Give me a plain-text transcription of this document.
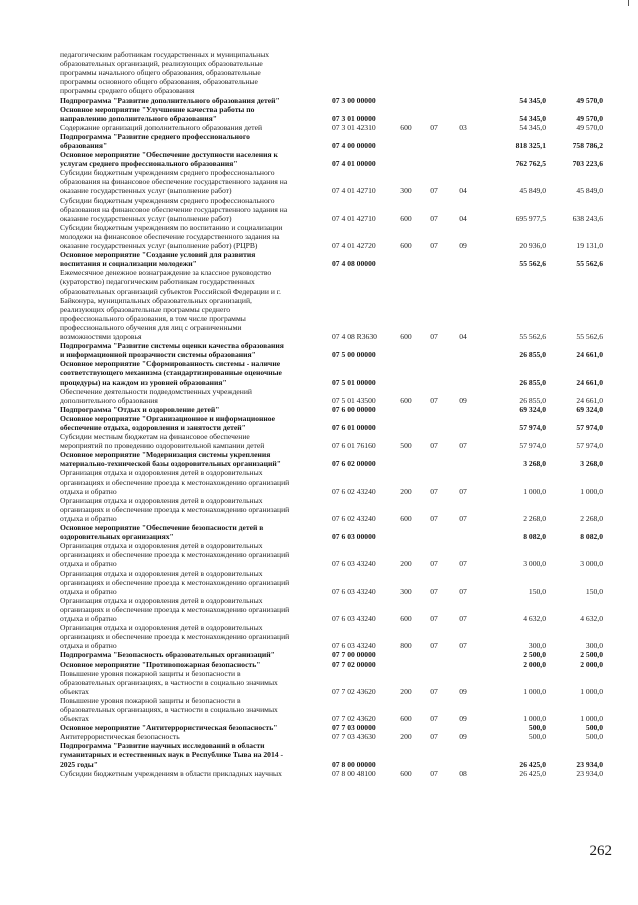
педагогическим работникам государственных и муниципальных
образовательных организаций, реализующих образовательные
программы начального общего образования, образовательные
программы основного общего образования, образовательные
программы среднего общего образования
Подпрограмма "Развитие дополнительного образования детей"	07 3 00 00000	54 345,0	49 570,0
Основное мероприятие "Улучшение качества работы по
направлению дополнительного образования"	07 3 01 00000	54 345,0	49 570,0
Содержание организаций дополнительного образования детей	07 3 01 42310	600	07	03	54 345,0	49 570,0
Подпрограмма "Развитие среднего профессионального
образования"	07 4 00 00000	818 325,1	758 786,2
Основное мероприятие "Обеспечение доступности населения к
услугам среднего профессионального образования"	07 4 01 00000	762 762,5	703 223,6
Субсидии бюджетным учреждениям среднего профессионального
образования на финансовое обеспечение государственного задания на
оказание государственных услуг (выполнение работ)	07 4 01 42710	300	07	04	45 849,0	45 849,0
Субсидии бюджетным учреждениям среднего профессионального
образования на финансовое обеспечение государственного задания на
оказание государственных услуг (выполнение работ)	07 4 01 42710	600	07	04	695 977,5	638 243,6
Субсидии бюджетным учреждениям по воспитанию и социализации
молодежи на финансовое обеспечение государственного задания на
оказание государственных услуг (выполнение работ) (РЦРВ)	07 4 01 42720	600	07	09	20 936,0	19 131,0
Основное мероприятие "Создание условий для развития
воспитания и социализации молодежи"	07 4 08 00000	55 562,6	55 562,6
Ежемесячное денежное вознаграждение за классное руководство
(кураторство) педагогическим работникам государственных
образовательных организаций субъектов Российской Федерации и г.
Байконура, муниципальных образовательных организаций,
реализующих образовательные программы среднего
профессионального образования, в том числе программы
профессионального обучения для лиц с ограниченными
возможностями здоровья	07 4 08 R3630	600	07	04	55 562,6	55 562,6
Подпрограмма "Развитие системы оценки качества образования
и информационной прозрачности системы образования"	07 5 00 00000	26 855,0	24 661,0
Основное мероприятие "Сформированность системы - наличие
соответствующего механизма (стандартизированные оценочные
процедуры) на каждом из уровней образования"	07 5 01 00000	26 855,0	24 661,0
Обеспечение деятельности подведомственных учреждений
дополнительного образования	07 5 01 43500	600	07	09	26 855,0	24 661,0
Подпрограмма "Отдых и оздоровление детей"	07 6 00 00000	69 324,0	69 324,0
Основное мероприятие "Организационное и информационное
обеспечение отдыха, оздоровления и занятости детей"	07 6 01 00000	57 974,0	57 974,0
Субсидии местным бюджетам на финансовое обеспечение
мероприятий по проведению оздоровительной кампании детей	07 6 01 76160	500	07	07	57 974,0	57 974,0
Основное мероприятие "Модернизация системы укрепления
материально-технической базы оздоровительных организаций"	07 6 02 00000	3 268,0	3 268,0
Организация отдыха и оздоровления детей в оздоровительных
организациях и обеспечение проезда к местонахождению организаций
отдыха и обратно	07 6 02 43240	200	07	07	1 000,0	1 000,0
Организация отдыха и оздоровления детей в оздоровительных
организациях и обеспечение проезда к местонахождению организаций
отдыха и обратно	07 6 02 43240	600	07	07	2 268,0	2 268,0
Основное мероприятие "Обеспечение безопасности детей в
оздоровительных организациях"	07 6 03 00000	8 082,0	8 082,0
Организация отдыха и оздоровления детей в оздоровительных
организациях и обеспечение проезда к местонахождению организаций
отдыха и обратно	07 6 03 43240	200	07	07	3 000,0	3 000,0
Организация отдыха и оздоровления детей в оздоровительных
организациях и обеспечение проезда к местонахождению организаций
отдыха и обратно	07 6 03 43240	300	07	07	150,0	150,0
Организация отдыха и оздоровления детей в оздоровительных
организациях и обеспечение проезда к местонахождению организаций
отдыха и обратно	07 6 03 43240	600	07	07	4 632,0	4 632,0
Организация отдыха и оздоровления детей в оздоровительных
организациях и обеспечение проезда к местонахождению организаций
отдыха и обратно	07 6 03 43240	800	07	07	300,0	300,0
Подпрограмма "Безопасность образовательных организаций"	07 7 00 00000	2 500,0	2 500,0
Основное мероприятие "Противопожарная безопасность"	07 7 02 00000	2 000,0	2 000,0
Повышение уровня пожарной защиты и безопасности в
образовательных организациях, в частности в социально значимых
объектах	07 7 02 43620	200	07	09	1 000,0	1 000,0
Повышение уровня пожарной защиты и безопасности в
образовательных организациях, в частности в социально значимых
объектах	07 7 02 43620	600	07	09	1 000,0	1 000,0
Основное мероприятие "Антитеррористическая безопасность"	07 7 03 00000	500,0	500,0
Антитеррористическая безопасность	07 7 03 43630	200	07	09	500,0	500,0
Подпрограмма "Развитие научных исследований в области
гуманитарных и естественных наук в Республике Тыва на 2014 -
2025 годы"	07 8 00 00000	26 425,0	23 934,0
Субсидии бюджетным учреждениям в области прикладных научных	07 8 00 48100	600	07	08	26 425,0	23 934,0
262
